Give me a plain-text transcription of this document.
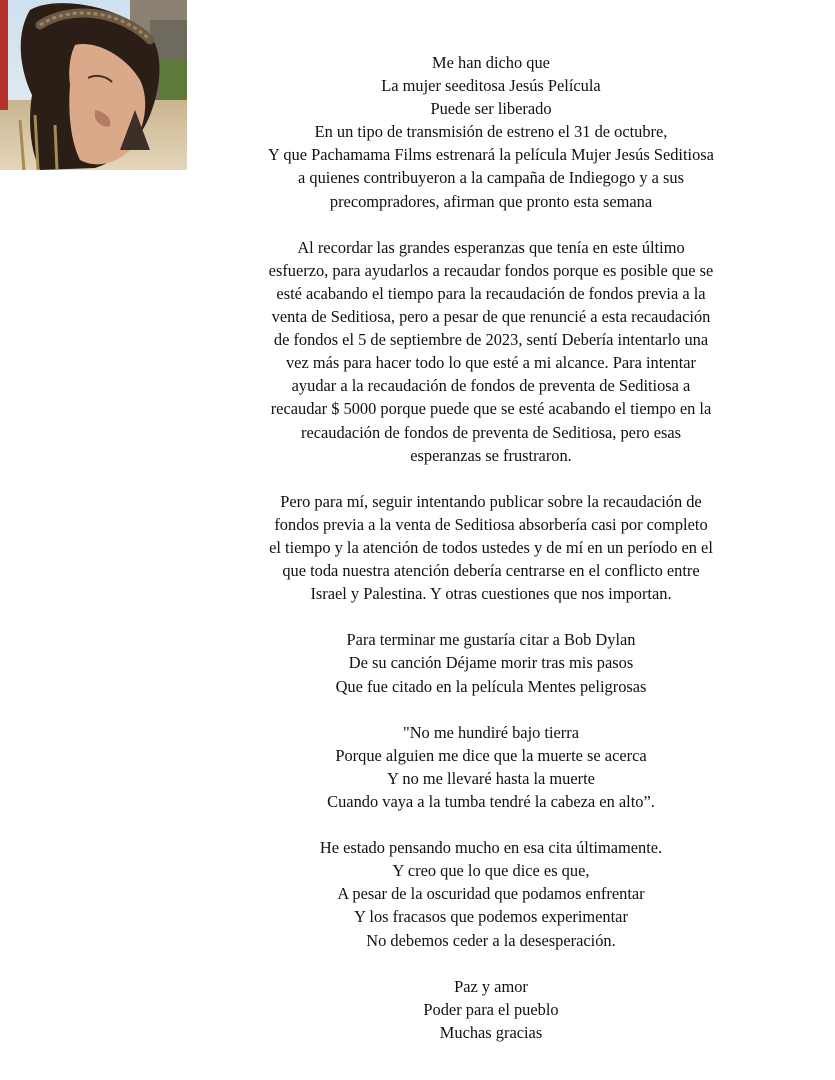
Me han dicho que
La mujer seeditosa Jesús Película
Puede ser liberado
En un tipo de transmisión de estreno el 31 de octubre,
Y que Pachamama Films estrenará la película Mujer Jesús Seditiosa
a quienes contribuyeron a la campaña de Indiegogo y a sus
precompradores, afirman que pronto esta semana
Al recordar las grandes esperanzas que tenía en este último
esfuerzo, para ayudarlos a recaudar fondos porque es posible que se
esté acabando el tiempo para la recaudación de fondos previa a la
venta de Seditiosa, pero a pesar de que renuncié a esta recaudación
de fondos el 5 de septiembre de 2023, sentí Debería intentarlo una
vez más para hacer todo lo que esté a mi alcance. Para intentar
ayudar a la recaudación de fondos de preventa de Seditiosa a
recaudar $ 5000 porque puede que se esté acabando el tiempo en la
recaudación de fondos de preventa de Seditiosa, pero esas
esperanzas se frustraron.
Pero para mí, seguir intentando publicar sobre la recaudación de
fondos previa a la venta de Seditiosa absorbería casi por completo
el tiempo y la atención de todos ustedes y de mí en un período en el
que toda nuestra atención debería centrarse en el conflicto entre
Israel y Palestina. Y otras cuestiones que nos importan.
Para terminar me gustaría citar a Bob Dylan
De su canción Déjame morir tras mis pasos
Que fue citado en la película Mentes peligrosas
"No me hundiré bajo tierra
Porque alguien me dice que la muerte se acerca
Y no me llevaré hasta la muerte
Cuando vaya a la tumba tendré la cabeza en alto”.
He estado pensando mucho en esa cita últimamente.
Y creo que lo que dice es que,
A pesar de la oscuridad que podamos enfrentar
Y los fracasos que podemos experimentar
No debemos ceder a la desesperación.
Paz y amor
Poder para el pueblo
Muchas gracias
